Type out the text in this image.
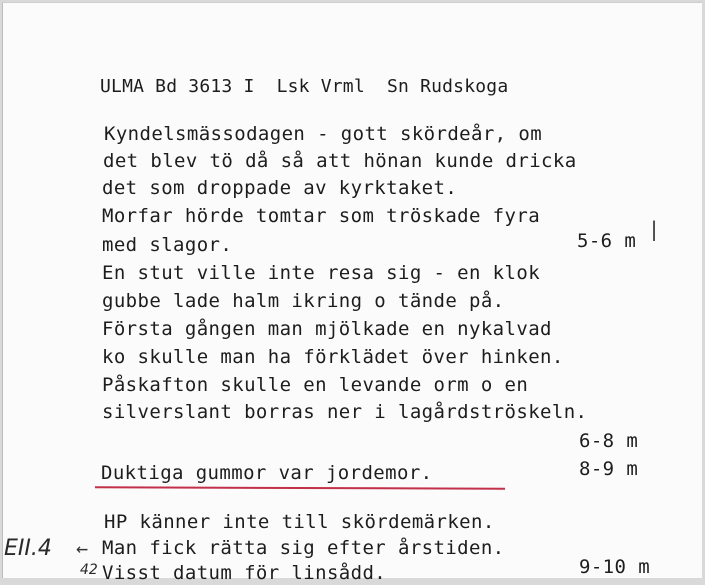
ULMA Bd 3613 I  Lsk Vrml  Sn Rudskoga
Kyndelsmässodagen - gott skördeår, om
det blev tö då så att hönan kunde dricka
det som droppade av kyrktaket.
Morfar hörde tomtar som tröskade fyra
med slagor.	5-6 m |
En stut ville inte resa sig - en klok
gubbe lade halm ikring o tände på.
Första gången man mjölkade en nykalvad
ko skulle man ha förklädet över hinken.
Påskafton skulle en levande orm o en
silverslant borras ner i lagårdströskeln.
6-8 m
Duktiga gummor var jordemor.	8-9 m
HP känner inte till skördemärken.
Man fick rätta sig efter årstiden.
Visst datum för linsådd.	9-10 m
EII.4 ←
42
